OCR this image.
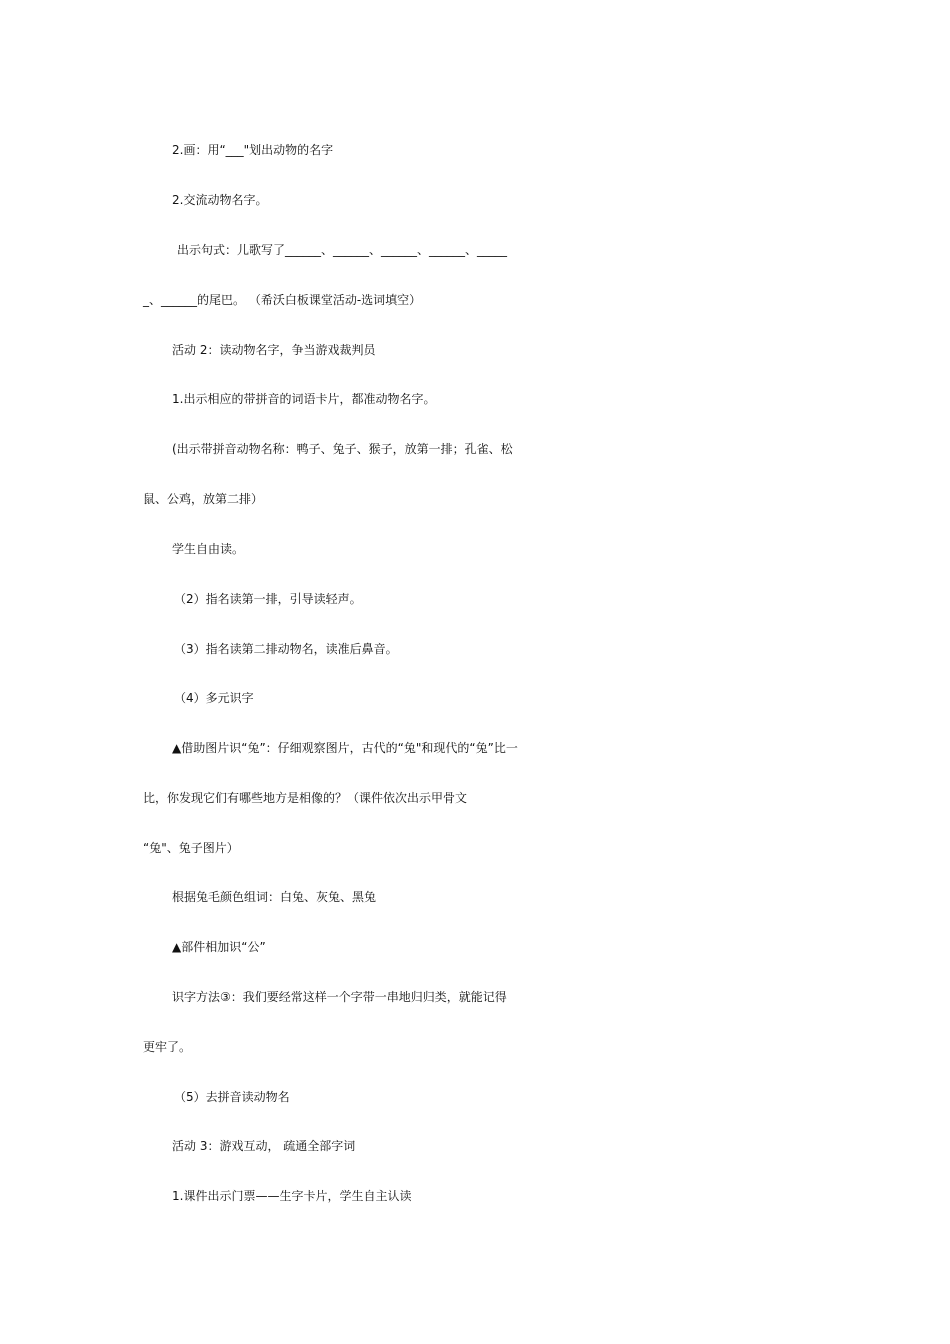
2.画：用“___"划出动物的名字
2.交流动物名字。
出示句式：儿歌写了______、______、______、______、_____
_、______的尾巴。 （希沃白板课堂活动-选词填空）
活动 2：读动物名字，争当游戏裁判员
1.出示相应的带拼音的词语卡片，都准动物名字。
(出示带拼音动物名称：鸭子、兔子、猴子，放第一排；孔雀、松
鼠、公鸡，放第二排）
学生自由读。
（2）指名读第一排，引导读轻声。
（3）指名读第二排动物名，读准后鼻音。
（4）多元识字
▲借助图片识“兔”：仔细观察图片，古代的“兔"和现代的“兔”比一
比，你发现它们有哪些地方是相像的？（课件依次出示甲骨文
“兔"、兔子图片）
根据兔毛颜色组词：白兔、灰兔、黑兔
▲部件相加识“公”
识字方法③：我们要经常这样一个字带一串地归归类，就能记得
更牢了。
（5）去拼音读动物名
活动 3：游戏互动， 疏通全部字词
1.课件出示门票——生字卡片，学生自主认读
